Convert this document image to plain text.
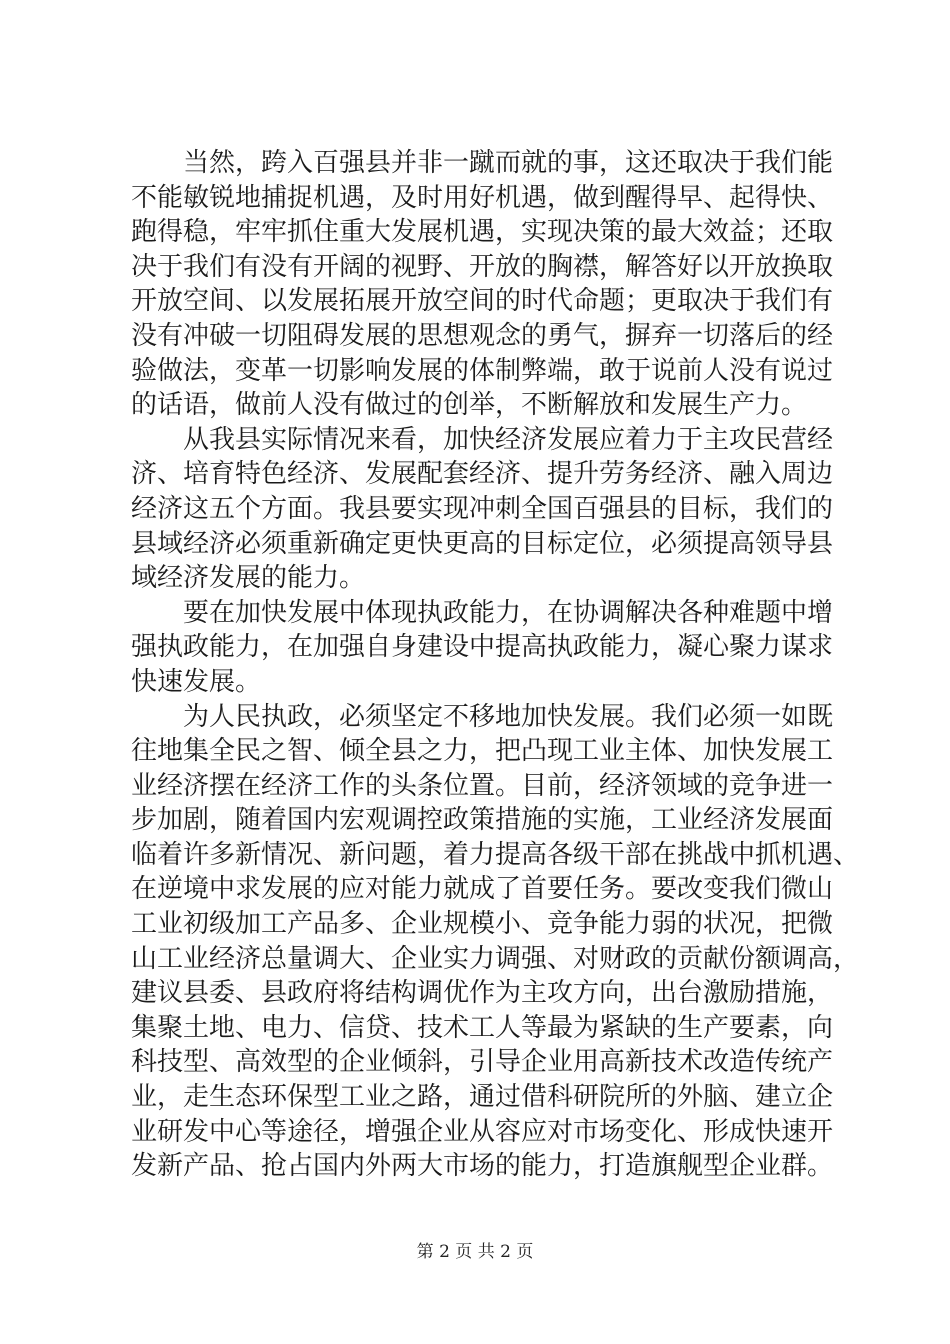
当然，跨入百强县并非一蹴而就的事，这还取决于我们能
不能敏锐地捕捉机遇，及时用好机遇，做到醒得早、起得快、
跑得稳，牢牢抓住重大发展机遇，实现决策的最大效益；还取
决于我们有没有开阔的视野、开放的胸襟，解答好以开放换取
开放空间、以发展拓展开放空间的时代命题；更取决于我们有
没有冲破一切阻碍发展的思想观念的勇气，摒弃一切落后的经
验做法，变革一切影响发展的体制弊端，敢于说前人没有说过
的话语，做前人没有做过的创举，不断解放和发展生产力。
从我县实际情况来看，加快经济发展应着力于主攻民营经
济、培育特色经济、发展配套经济、提升劳务经济、融入周边
经济这五个方面。我县要实现冲刺全国百强县的目标，我们的
县域经济必须重新确定更快更高的目标定位，必须提高领导县
域经济发展的能力。
要在加快发展中体现执政能力，在协调解决各种难题中增
强执政能力，在加强自身建设中提高执政能力，凝心聚力谋求
快速发展。
为人民执政，必须坚定不移地加快发展。我们必须一如既
往地集全民之智、倾全县之力，把凸现工业主体、加快发展工
业经济摆在经济工作的头条位置。目前，经济领域的竞争进一
步加剧，随着国内宏观调控政策措施的实施，工业经济发展面
临着许多新情况、新问题，着力提高各级干部在挑战中抓机遇、
在逆境中求发展的应对能力就成了首要任务。要改变我们微山
工业初级加工产品多、企业规模小、竞争能力弱的状况，把微
山工业经济总量调大、企业实力调强、对财政的贡献份额调高，
建议县委、县政府将结构调优作为主攻方向，出台激励措施，
集聚土地、电力、信贷、技术工人等最为紧缺的生产要素，向
科技型、高效型的企业倾斜，引导企业用高新技术改造传统产
业，走生态环保型工业之路，通过借科研院所的外脑、建立企
业研发中心等途径，增强企业从容应对市场变化、形成快速开
发新产品、抢占国内外两大市场的能力，打造旗舰型企业群。
第 2 页 共 2 页
